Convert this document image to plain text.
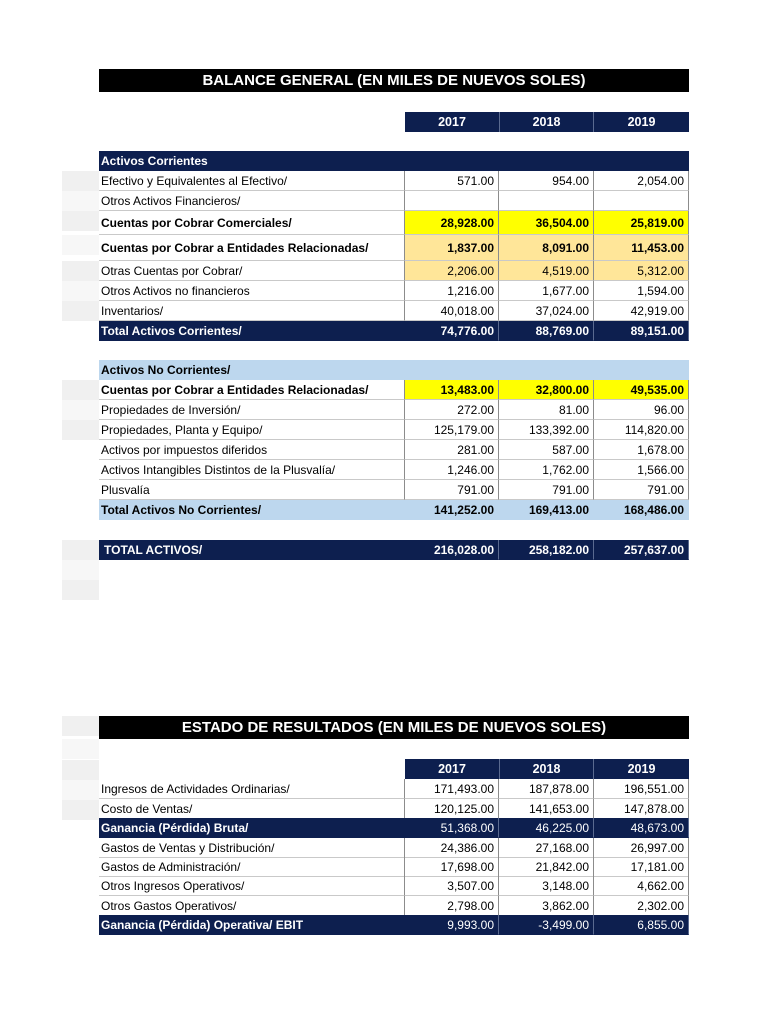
BALANCE GENERAL (EN MILES DE NUEVOS SOLES)
2017	2018	2019
Activos Corrientes
Efectivo y Equivalentes al Efectivo/	571.00	954.00	2,054.00
Otros Activos Financieros/
Cuentas por Cobrar Comerciales/	28,928.00	36,504.00	25,819.00
Cuentas por Cobrar a Entidades Relacionadas/	1,837.00	8,091.00	11,453.00
Otras Cuentas por Cobrar/	2,206.00	4,519.00	5,312.00
Otros Activos no financieros	1,216.00	1,677.00	1,594.00
Inventarios/	40,018.00	37,024.00	42,919.00
Total Activos Corrientes/	74,776.00	88,769.00	89,151.00
Activos No Corrientes/
Cuentas por Cobrar a Entidades Relacionadas/	13,483.00	32,800.00	49,535.00
Propiedades de Inversión/	272.00	81.00	96.00
Propiedades, Planta y Equipo/	125,179.00	133,392.00	114,820.00
Activos por impuestos diferidos	281.00	587.00	1,678.00
Activos Intangibles Distintos de la Plusvalía/	1,246.00	1,762.00	1,566.00
Plusvalía	791.00	791.00	791.00
Total Activos No Corrientes/	141,252.00	169,413.00	168,486.00
TOTAL ACTIVOS/	216,028.00	258,182.00	257,637.00
ESTADO DE RESULTADOS (EN MILES DE NUEVOS SOLES)
2017	2018	2019
Ingresos de Actividades Ordinarias/	171,493.00	187,878.00	196,551.00
Costo de Ventas/	120,125.00	141,653.00	147,878.00
Ganancia (Pérdida) Bruta/	51,368.00	46,225.00	48,673.00
Gastos de Ventas y Distribución/	24,386.00	27,168.00	26,997.00
Gastos de Administración/	17,698.00	21,842.00	17,181.00
Otros Ingresos Operativos/	3,507.00	3,148.00	4,662.00
Otros Gastos Operativos/	2,798.00	3,862.00	2,302.00
Ganancia (Pérdida) Operativa/ EBIT	9,993.00	-3,499.00	6,855.00
